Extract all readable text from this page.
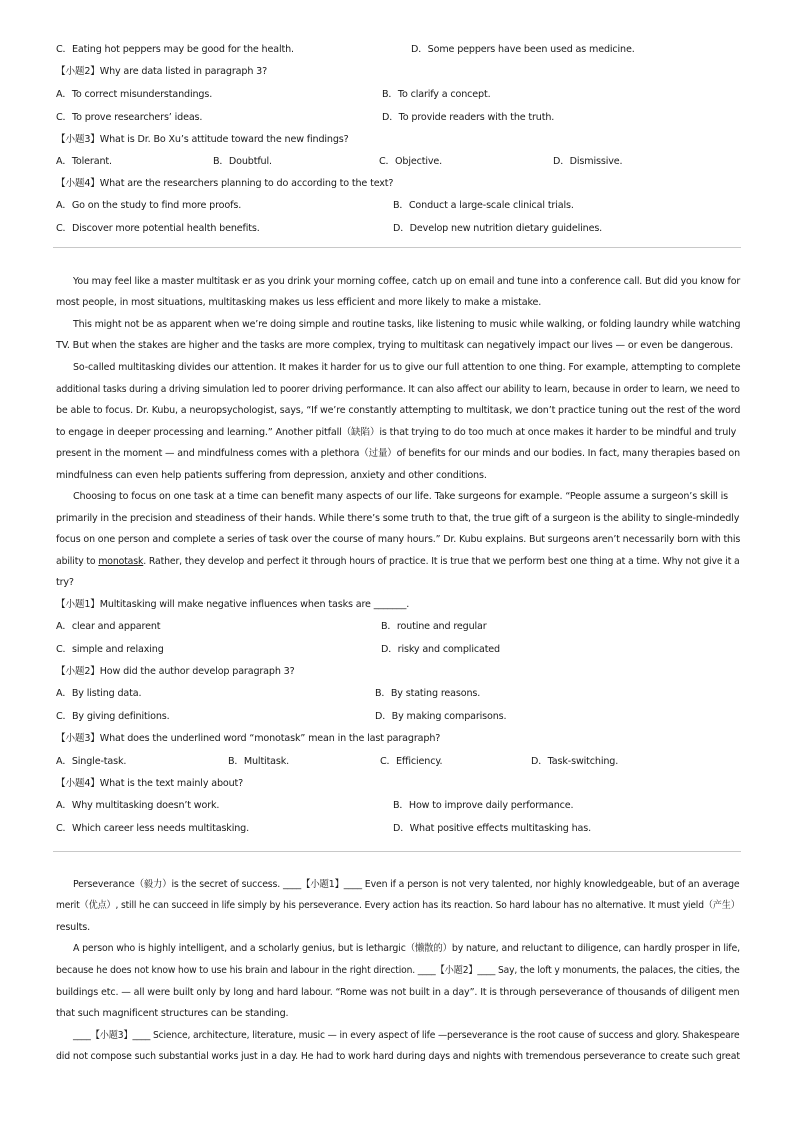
C．Eating hot peppers may be good for the health.	D．Some peppers have been used as medicine.
【小题2】Why are data listed in paragraph 3?
A．To correct misunderstandings.	B．To clarify a concept.
C．To prove researchers’ ideas.	D．To provide readers with the truth.
【小题3】What is Dr. Bo Xu’s attitude toward the new findings?
A．Tolerant.	B．Doubtful.	C．Objective.	D．Dismissive.
【小题4】What are the researchers planning to do according to the text?
A．Go on the study to find more proofs.	B．Conduct a large-scale clinical trials.
C．Discover more potential health benefits.	D．Develop new nutrition dietary guidelines.
You may feel like a master multitask er as you drink your morning coffee, catch up on email and tune into a conference call. But did you know for
most people, in most situations, multitasking makes us less efficient and more likely to make a mistake.
This might not be as apparent when we’re doing simple and routine tasks, like listening to music while walking, or folding laundry while watching
TV. But when the stakes are higher and the tasks are more complex, trying to multitask can negatively impact our lives — or even be dangerous.
So-called multitasking divides our attention. It makes it harder for us to give our full attention to one thing. For example, attempting to complete
additional tasks during a driving simulation led to poorer driving performance. It can also affect our ability to learn, because in order to learn, we need to
be able to focus. Dr. Kubu, a neuropsychologist, says, “If we’re constantly attempting to multitask, we don’t practice tuning out the rest of the word
to engage in deeper processing and learning.” Another pitfall（缺陷）is that trying to do too much at once makes it harder to be mindful and truly
present in the moment — and mindfulness comes with a plethora（过量）of benefits for our minds and our bodies. In fact, many therapies based on
mindfulness can even help patients suffering from depression, anxiety and other conditions.
Choosing to focus on one task at a time can benefit many aspects of our life. Take surgeons for example. “People assume a surgeon’s skill is
primarily in the precision and steadiness of their hands. While there’s some truth to that, the true gift of a surgeon is the ability to single-mindedly
focus on one person and complete a series of task over the course of many hours.” Dr. Kubu explains. But surgeons aren’t necessarily born with this
ability to monotask. Rather, they develop and perfect it through hours of practice. It is true that we perform best one thing at a time. Why not give it a
try?
【小题1】Multitasking will make negative influences when tasks are _______.
A．clear and apparent	B．routine and regular
C．simple and relaxing	D．risky and complicated
【小题2】How did the author develop paragraph 3?
A．By listing data.	B．By stating reasons.
C．By giving definitions.	D．By making comparisons.
【小题3】What does the underlined word “monotask” mean in the last paragraph?
A．Single-task.	B．Multitask.	C．Efficiency.	D．Task-switching.
【小题4】What is the text mainly about?
A．Why multitasking doesn’t work.	B．How to improve daily performance.
C．Which career less needs multitasking.	D．What positive effects multitasking has.
Perseverance（毅力）is the secret of success. ____【小题1】____ Even if a person is not very talented, nor highly knowledgeable, but of an average
merit（优点）, still he can succeed in life simply by his perseverance. Every action has its reaction. So hard labour has no alternative. It must yield（产生）
results.
A person who is highly intelligent, and a scholarly genius, but is lethargic（懒散的）by nature, and reluctant to diligence, can hardly prosper in life,
because he does not know how to use his brain and labour in the right direction. ____【小题2】____ Say, the loft y monuments, the palaces, the cities, the
buildings etc. — all were built only by long and hard labour. “Rome was not built in a day”. It is through perseverance of thousands of diligent men
that such magnificent structures can be standing.
____【小题3】____ Science, architecture, literature, music — in every aspect of life —perseverance is the root cause of success and glory. Shakespeare
did not compose such substantial works just in a day. He had to work hard during days and nights with tremendous perseverance to create such great
